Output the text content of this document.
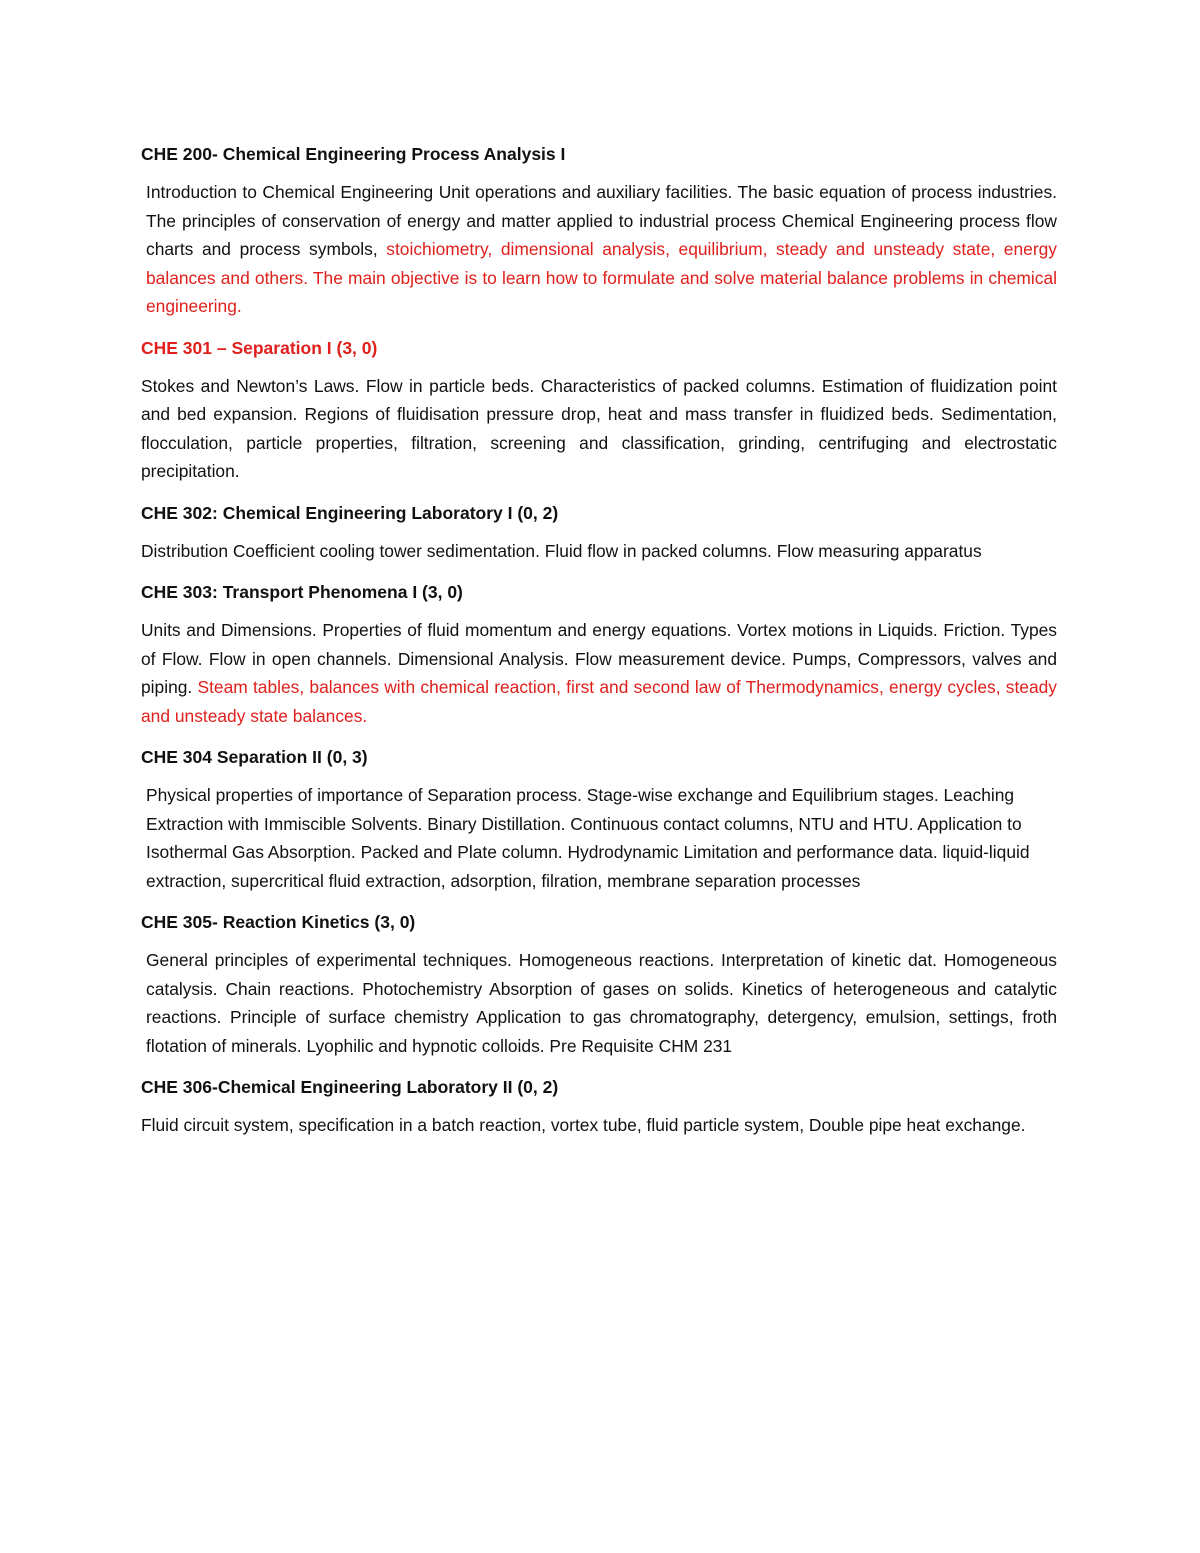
CHE 200- Chemical Engineering Process Analysis I
Introduction to Chemical Engineering Unit operations and auxiliary facilities. The basic equation of process industries. The principles of conservation of energy and matter applied to industrial process Chemical Engineering process flow charts and process symbols, stoichiometry, dimensional analysis, equilibrium, steady and unsteady state, energy balances and others. The main objective is to learn how to formulate and solve material balance problems in chemical engineering.
CHE 301 – Separation I (3, 0)
Stokes and Newton’s Laws. Flow in particle beds. Characteristics of packed columns. Estimation of fluidization point and bed expansion. Regions of fluidisation pressure drop, heat and mass transfer in fluidized beds. Sedimentation, flocculation, particle properties, filtration, screening and classification, grinding, centrifuging and electrostatic precipitation.
CHE 302: Chemical Engineering Laboratory I (0, 2)
Distribution Coefficient cooling tower sedimentation. Fluid flow in packed columns. Flow measuring apparatus
CHE 303: Transport Phenomena I (3, 0)
Units and Dimensions. Properties of fluid momentum and energy equations. Vortex motions in Liquids. Friction. Types of Flow. Flow in open channels. Dimensional Analysis. Flow measurement device. Pumps, Compressors, valves and piping. Steam tables, balances with chemical reaction, first and second law of Thermodynamics, energy cycles, steady and unsteady state balances.
CHE 304 Separation II (0, 3)
Physical properties of importance of Separation process. Stage-wise exchange and Equilibrium stages. Leaching Extraction with Immiscible Solvents. Binary Distillation. Continuous contact columns, NTU and HTU. Application to Isothermal Gas Absorption. Packed and Plate column. Hydrodynamic Limitation and performance data. liquid-liquid extraction, supercritical fluid extraction, adsorption, filration, membrane separation processes
CHE 305- Reaction Kinetics (3, 0)
General principles of experimental techniques. Homogeneous reactions. Interpretation of kinetic dat. Homogeneous catalysis. Chain reactions. Photochemistry Absorption of gases on solids. Kinetics of heterogeneous and catalytic reactions. Principle of surface chemistry Application to gas chromatography, detergency, emulsion, settings, froth flotation of minerals. Lyophilic and hypnotic colloids. Pre Requisite CHM 231
CHE 306-Chemical Engineering Laboratory II (0, 2)
Fluid circuit system, specification in a batch reaction, vortex tube, fluid particle system, Double pipe heat exchange.
